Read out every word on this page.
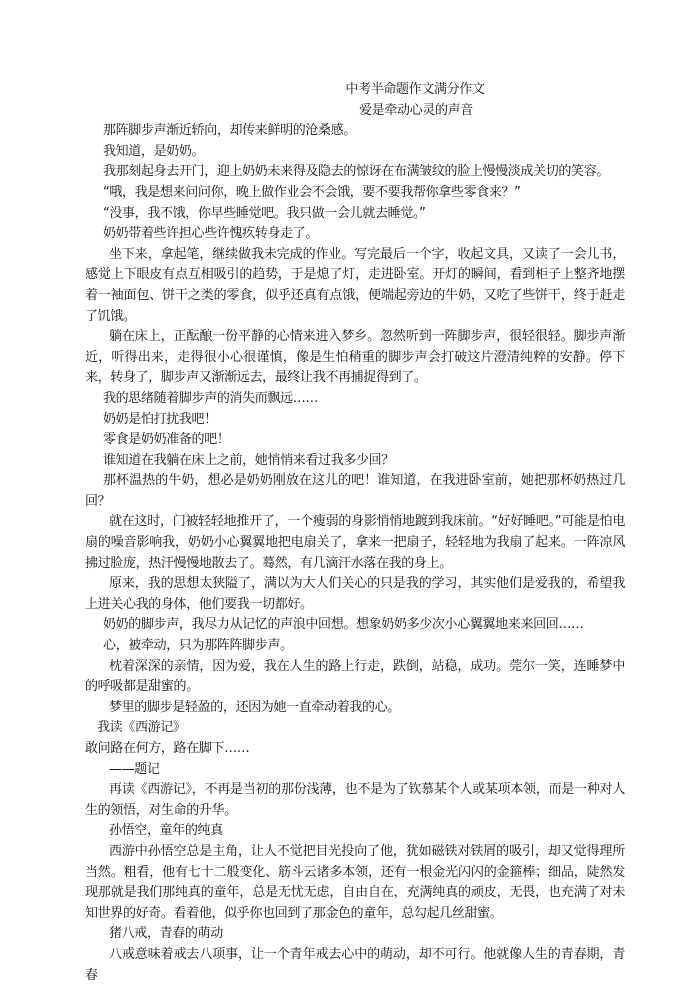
中考半命题作文满分作文
爱是牵动心灵的声音
那阵脚步声渐近轿向，却传来鲜明的沧桑感。
我知道，是奶奶。
我那刻起身去开门，迎上奶奶未来得及隐去的惊讶在布满皱纹的脸上慢慢淡成关切的笑容。
“哦，我是想来问问你，晚上做作业会不会饿，要不要我帮你拿些零食来？”
“没事，我不饿，你早些睡觉吧。我只做一会儿就去睡觉。”
奶奶带着些许担心些许愧疚转身走了。
坐下来，拿起笔，继续做我未完成的作业。写完最后一个字，收起文具，又读了一会儿书，感觉上下眼皮有点互相吸引的趋势，于是熄了灯，走进卧室。开灯的瞬间，看到柜子上整齐地摆着一袖面包、饼干之类的零食，似乎还真有点饿，便端起旁边的牛奶，又吃了些饼干，终于赶走了饥饿。
躺在床上，正酝酿一份平静的心情来进入梦乡。忽然听到一阵脚步声，很轻很轻。脚步声渐近，听得出来，走得很小心很谨慎，像是生怕稍重的脚步声会打破这片澄清纯粹的安静。停下来，转身了，脚步声又渐渐远去，最终让我不再捕捉得到了。
我的思绪随着脚步声的消失而飘远……
奶奶是怕打扰我吧！
零食是奶奶准备的吧！
谁知道在我躺在床上之前，她悄悄来看过我多少回？
那杯温热的牛奶，想必是奶奶刚放在这儿的吧！谁知道，在我进卧室前，她把那杯奶热过几回？
就在这时，门被轻轻地推开了，一个瘦弱的身影悄悄地踱到我床前。“好好睡吧。”可能是怕电扇的噪音影响我，奶奶小心翼翼地把电扇关了，拿来一把扇子，轻轻地为我扇了起来。一阵凉风拂过脸庞，热汗慢慢地散去了。蓦然，有几滴汗水落在我的身上。
原来，我的思想太狭隘了，满以为大人们关心的只是我的学习，其实他们是爱我的，希望我上进关心我的身体，他们要我一切都好。
奶奶的脚步声，我尽力从记忆的声浪中回想。想象奶奶多少次小心翼翼地来来回回……
心，被牵动，只为那阵阵脚步声。
枕着深深的亲情，因为爱，我在人生的路上行走，跌倒，站稳，成功。莞尔一笑，连睡梦中的呼吸都是甜蜜的。
梦里的脚步是轻盈的，还因为她一直牵动着我的心。
我读《西游记》
敢问路在何方，路在脚下……
——题记
再读《西游记》，不再是当初的那份浅薄，也不是为了钦慕某个人或某项本领，而是一种对人生的领悟，对生命的升华。
孙悟空，童年的纯真
西游中孙悟空总是主角，让人不觉把目光投向了他，犹如磁铁对铁屑的吸引，却又觉得理所当然。粗看，他有七十二般变化、筋斗云诸多本领，还有一根金光闪闪的金箍棒；细品，陡然发现那就是我们那纯真的童年，总是无忧无虑，自由自在，充满纯真的顽皮，无畏，也充满了对未知世界的好奇。看着他，似乎你也回到了那金色的童年，总勾起几丝甜蜜。
猪八戒，青春的萌动
八戒意味着戒去八项事，让一个青年戒去心中的萌动，却不可行。他就像人生的青春期，青春
